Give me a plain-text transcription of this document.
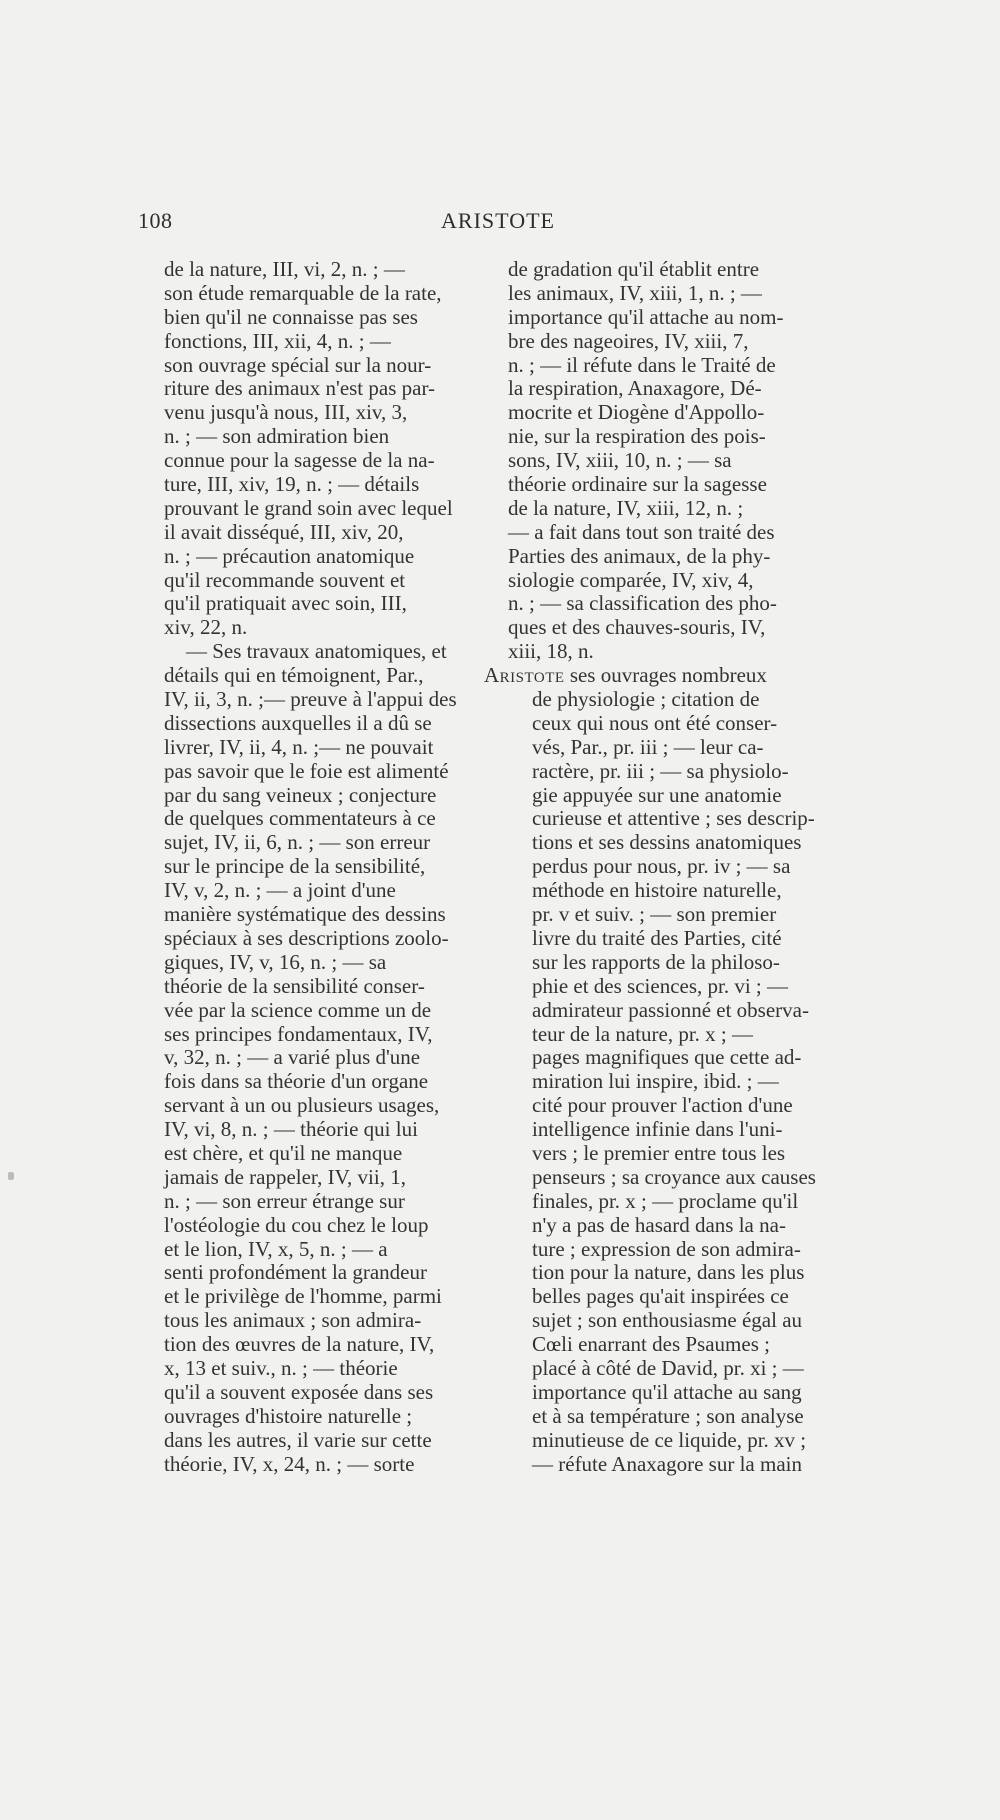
108	ARISTOTE
de la nature, III, vi, 2, n. ; —
son étude remarquable de la rate,
bien qu'il ne connaisse pas ses
fonctions, III, xii, 4, n. ; —
son ouvrage spécial sur la nour-
riture des animaux n'est pas par-
venu jusqu'à nous, III, xiv, 3,
n. ; — son admiration bien
connue pour la sagesse de la na-
ture, III, xiv, 19, n. ; — détails
prouvant le grand soin avec lequel
il avait disséqué, III, xiv, 20,
n. ; — précaution anatomique
qu'il recommande souvent et
qu'il pratiquait avec soin, III,
xiv, 22, n.
— Ses travaux anatomiques, et
détails qui en témoignent, Par.,
IV, ii, 3, n. ;— preuve à l'appui des
dissections auxquelles il a dû se
livrer, IV, ii, 4, n. ;— ne pouvait
pas savoir que le foie est alimenté
par du sang veineux ; conjecture
de quelques commentateurs à ce
sujet, IV, ii, 6, n. ; — son erreur
sur le principe de la sensibilité,
IV, v, 2, n. ; — a joint d'une
manière systématique des dessins
spéciaux à ses descriptions zoolo-
giques, IV, v, 16, n. ; — sa
théorie de la sensibilité conser-
vée par la science comme un de
ses principes fondamentaux, IV,
v, 32, n. ; — a varié plus d'une
fois dans sa théorie d'un organe
servant à un ou plusieurs usages,
IV, vi, 8, n. ; — théorie qui lui
est chère, et qu'il ne manque
jamais de rappeler, IV, vii, 1,
n. ; — son erreur étrange sur
l'ostéologie du cou chez le loup
et le lion, IV, x, 5, n. ; — a
senti profondément la grandeur
et le privilège de l'homme, parmi
tous les animaux ; son admira-
tion des œuvres de la nature, IV,
x, 13 et suiv., n. ; — théorie
qu'il a souvent exposée dans ses
ouvrages d'histoire naturelle ;
dans les autres, il varie sur cette
théorie, IV, x, 24, n. ; — sorte
de gradation qu'il établit entre
les animaux, IV, xiii, 1, n. ; —
importance qu'il attache au nom-
bre des nageoires, IV, xiii, 7,
n. ; — il réfute dans le Traité de
la respiration, Anaxagore, Dé-
mocrite et Diogène d'Appollo-
nie, sur la respiration des pois-
sons, IV, xiii, 10, n. ; — sa
théorie ordinaire sur la sagesse
de la nature, IV, xiii, 12, n. ;
— a fait dans tout son traité des
Parties des animaux, de la phy-
siologie comparée, IV, xiv, 4,
n. ; — sa classification des pho-
ques et des chauves-souris, IV,
xiii, 18, n.
Aristote ses ouvrages nombreux
de physiologie ; citation de
ceux qui nous ont été conser-
vés, Par., pr. iii ; — leur ca-
ractère, pr. iii ; — sa physiolo-
gie appuyée sur une anatomie
curieuse et attentive ; ses descrip-
tions et ses dessins anatomiques
perdus pour nous, pr. iv ; — sa
méthode en histoire naturelle,
pr. v et suiv. ; — son premier
livre du traité des Parties, cité
sur les rapports de la philoso-
phie et des sciences, pr. vi ; —
admirateur passionné et observa-
teur de la nature, pr. x ; —
pages magnifiques que cette ad-
miration lui inspire, ibid. ; —
cité pour prouver l'action d'une
intelligence infinie dans l'uni-
vers ; le premier entre tous les
penseurs ; sa croyance aux causes
finales, pr. x ; — proclame qu'il
n'y a pas de hasard dans la na-
ture ; expression de son admira-
tion pour la nature, dans les plus
belles pages qu'ait inspirées ce
sujet ; son enthousiasme égal au
Cœli enarrant des Psaumes ;
placé à côté de David, pr. xi ; —
importance qu'il attache au sang
et à sa température ; son analyse
minutieuse de ce liquide, pr. xv ;
— réfute Anaxagore sur la main
